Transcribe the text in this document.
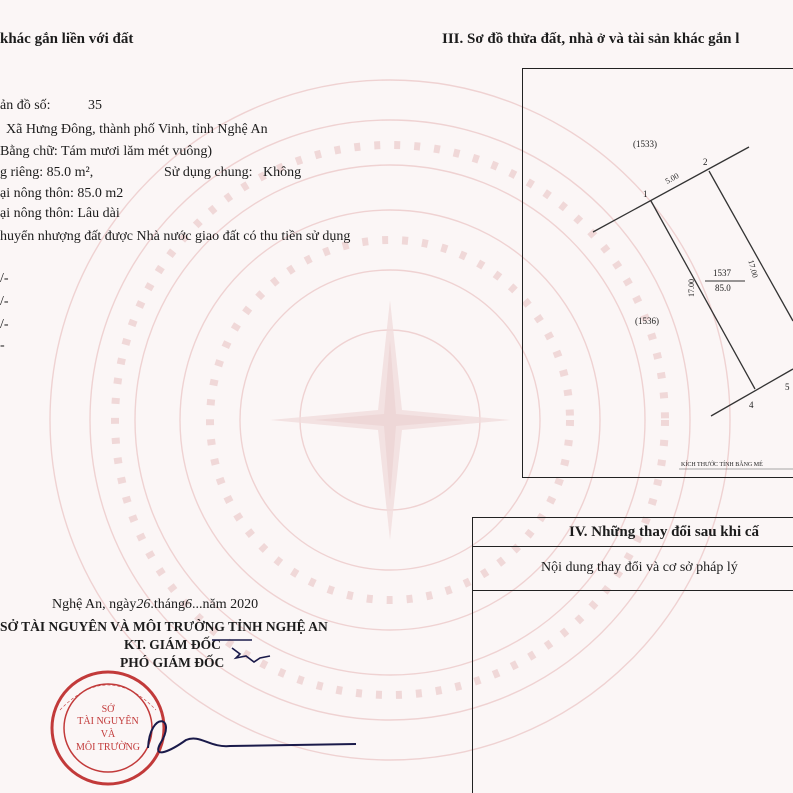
khác gắn liền với đất
ản đồ số:	35
Xã Hưng Đông, thành phố Vinh, tỉnh Nghệ An
Bằng chữ: Tám mươi lăm mét vuông)
g riêng: 85.0 m²,	Sử dụng chung: Không
ại nông thôn: 85.0 m2
ại nông thôn: Lâu dài
huyển nhượng đất được Nhà nước giao đất có thu tiền sử dụng
/-
/-
/-
-
III. Sơ đồ thửa đất, nhà ở và tài sản khác gắn l
(1533)
(1536)
1537
85.0
1
2
4
5
5.00
17.00
17.00
KÍCH THƯỚC TÍNH BẰNG MÉ
IV. Những thay đổi sau khi cấ
Nội dung thay đổi và cơ sở pháp lý
Nghệ An, ngày26.tháng6...năm 2020
SỞ TÀI NGUYÊN VÀ MÔI TRƯỜNG TỈNH NGHỆ AN
KT. GIÁM ĐỐC
PHÓ GIÁM ĐỐC
SỞ
TÀI NGUYÊN
VÀ
MÔI TRƯỜNG
